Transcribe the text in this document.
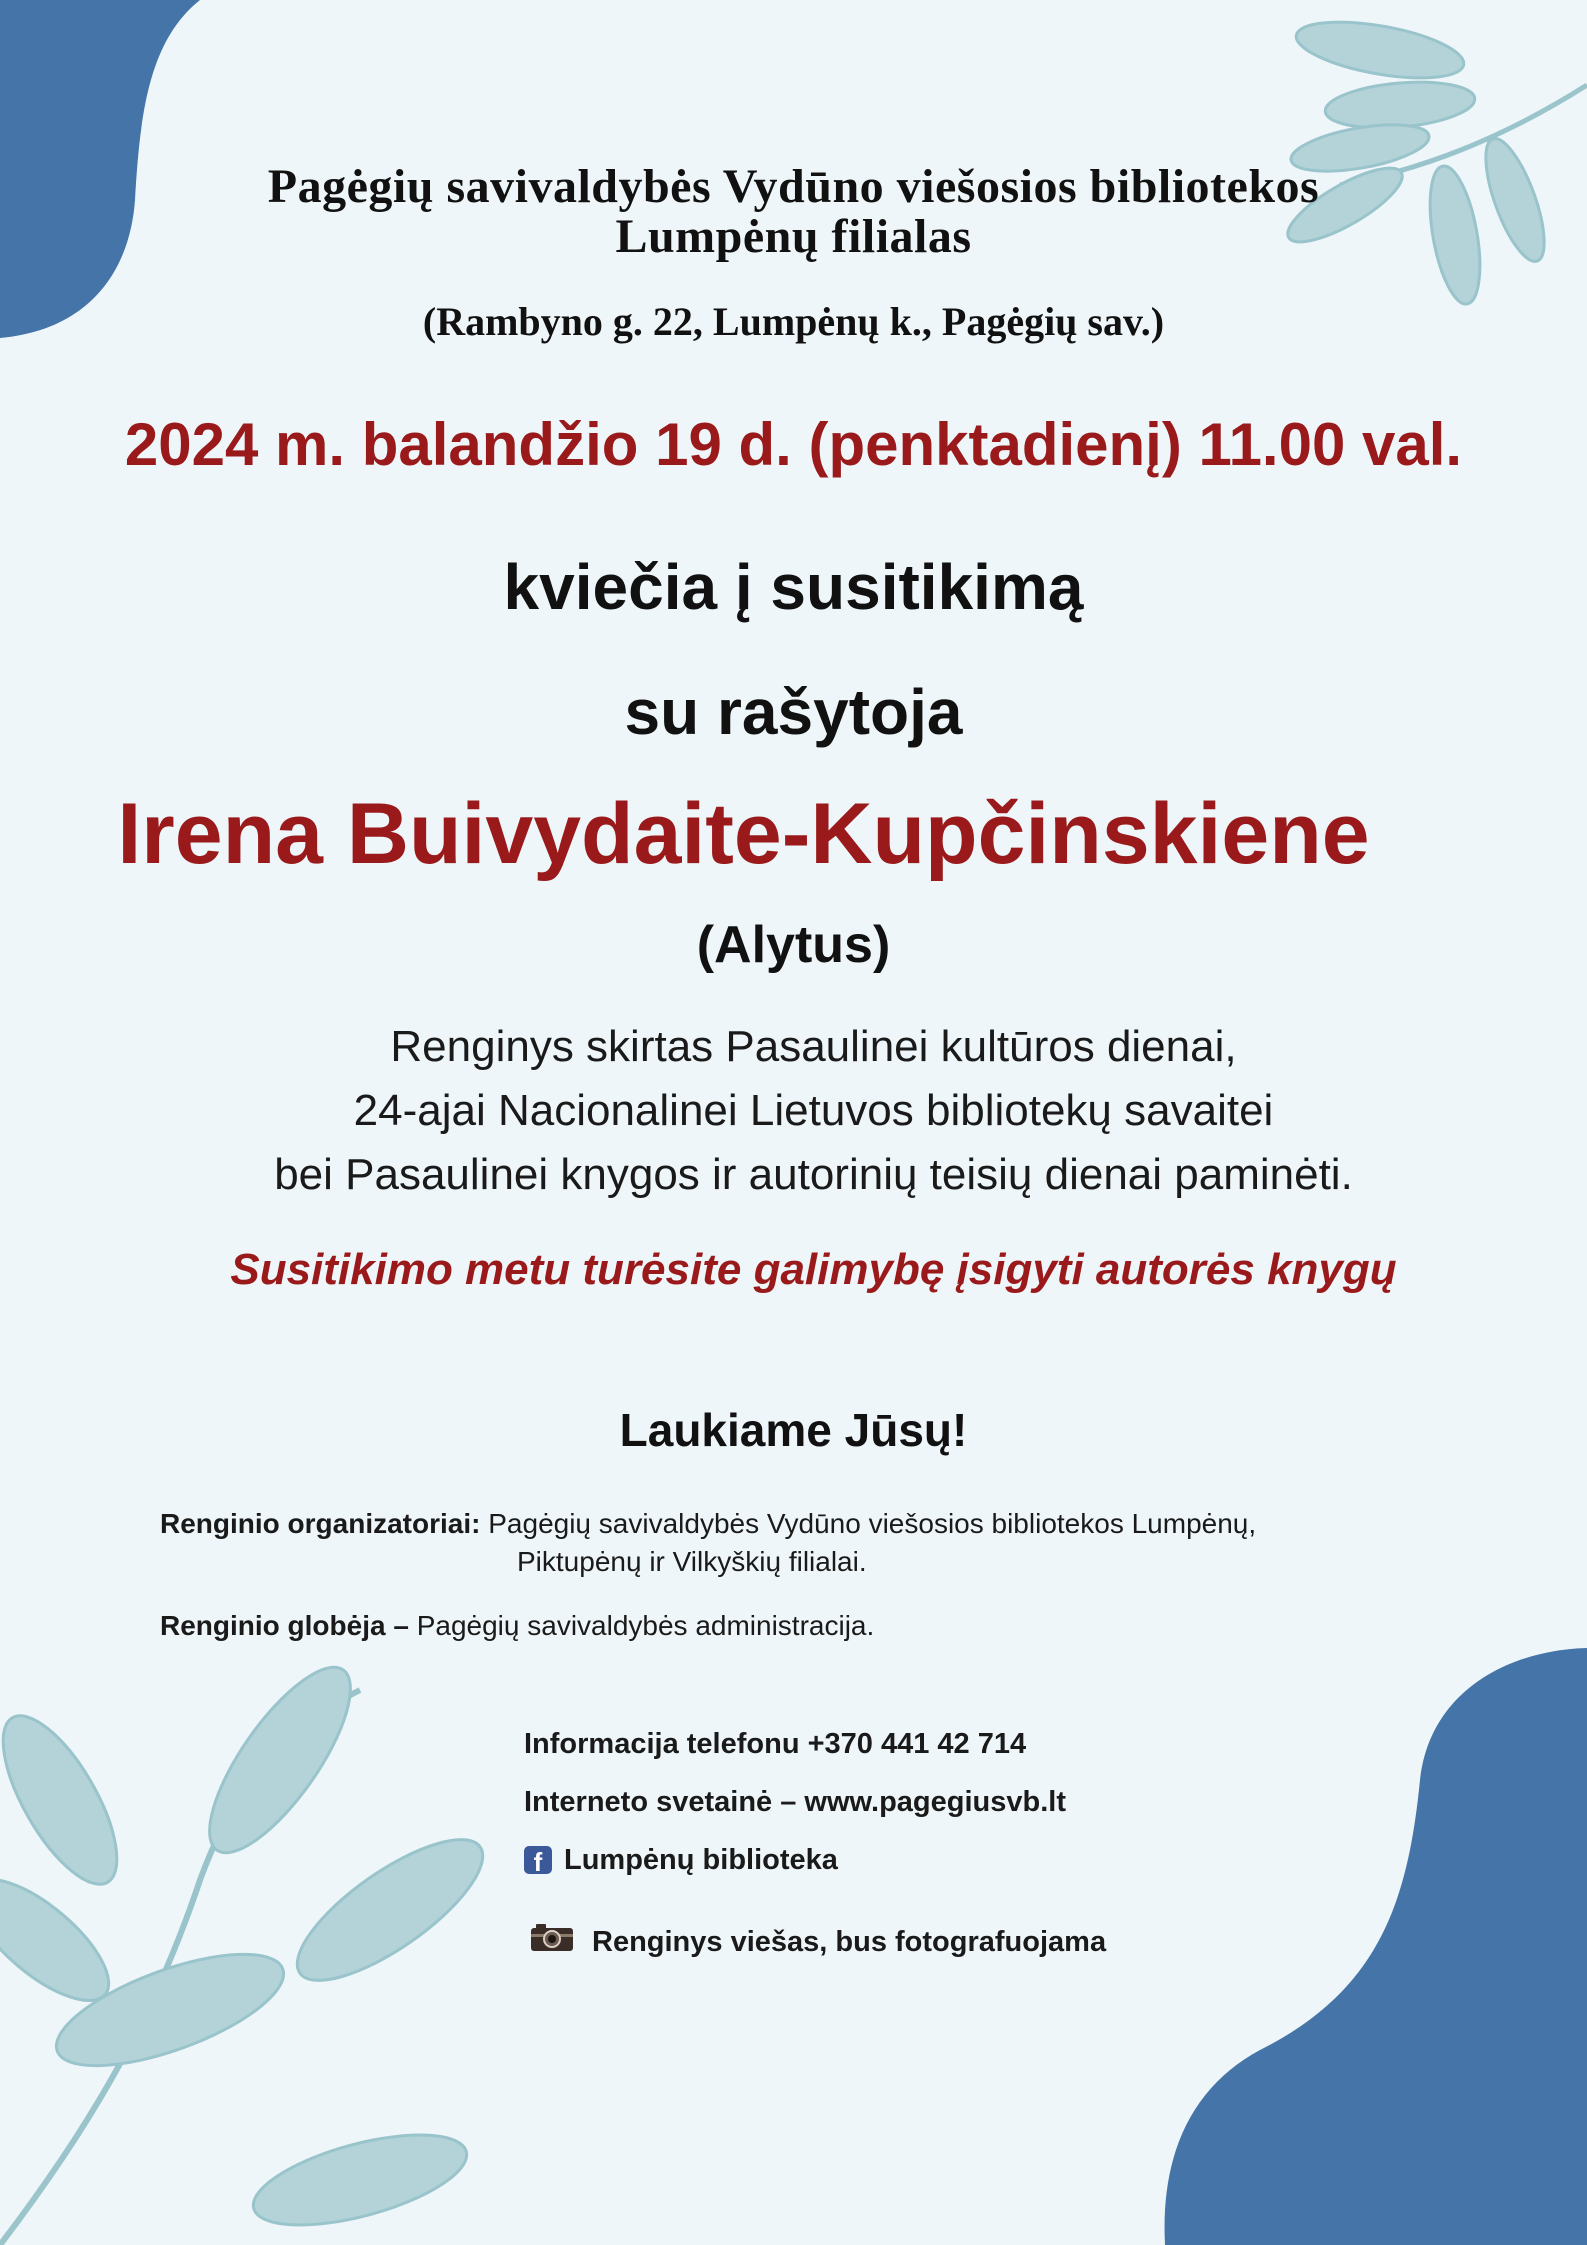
Pagėgių savivaldybės Vydūno viešosios bibliotekos
Lumpėnų filialas
(Rambyno g. 22, Lumpėnų k., Pagėgių sav.)
2024 m. balandžio 19 d. (penktadienį) 11.00 val.
kviečia į susitikimą
su rašytoja
Irena Buivydaite-Kupčinskiene
(Alytus)
Renginys skirtas Pasaulinei kultūros dienai,
24-ajai Nacionalinei Lietuvos bibliotekų savaitei
bei Pasaulinei knygos ir autorinių teisių dienai paminėti.
Susitikimo metu turėsite galimybę įsigyti autorės knygų
Laukiame Jūsų!
Renginio organizatoriai: Pagėgių savivaldybės Vydūno viešosios bibliotekos Lumpėnų,
Piktupėnų ir Vilkyškių filialai.
Renginio globėja – Pagėgių savivaldybės administracija.
Informacija telefonu +370 441 42 714
Interneto svetainė – www.pagegiusvb.lt
f Lumpėnų biblioteka
Renginys viešas, bus fotografuojama
